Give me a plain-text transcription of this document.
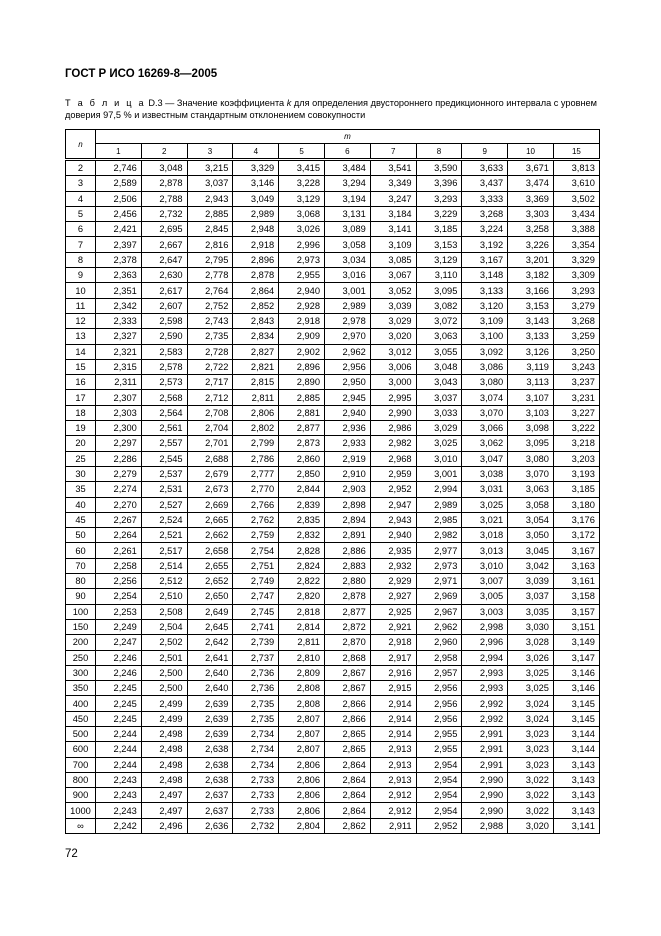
ГОСТ Р ИСО 16269-8—2005
Т а б л и ц а D.3 — Значение коэффициента k для определения двустороннего предикционного интервала с уровнем доверия 97,5 % и известным стандартным отклонением совокупности
n	m										
	1	2	3	4	5	6	7	8	9	10	15
2	2,746	3,048	3,215	3,329	3,415	3,484	3,541	3,590	3,633	3,671	3,813
3	2,589	2,878	3,037	3,146	3,228	3,294	3,349	3,396	3,437	3,474	3,610
4	2,506	2,788	2,943	3,049	3,129	3,194	3,247	3,293	3,333	3,369	3,502
5	2,456	2,732	2,885	2,989	3,068	3,131	3,184	3,229	3,268	3,303	3,434
6	2,421	2,695	2,845	2,948	3,026	3,089	3,141	3,185	3,224	3,258	3,388
7	2,397	2,667	2,816	2,918	2,996	3,058	3,109	3,153	3,192	3,226	3,354
8	2,378	2,647	2,795	2,896	2,973	3,034	3,085	3,129	3,167	3,201	3,329
9	2,363	2,630	2,778	2,878	2,955	3,016	3,067	3,110	3,148	3,182	3,309
10	2,351	2,617	2,764	2,864	2,940	3,001	3,052	3,095	3,133	3,166	3,293
11	2,342	2,607	2,752	2,852	2,928	2,989	3,039	3,082	3,120	3,153	3,279
12	2,333	2,598	2,743	2,843	2,918	2,978	3,029	3,072	3,109	3,143	3,268
13	2,327	2,590	2,735	2,834	2,909	2,970	3,020	3,063	3,100	3,133	3,259
14	2,321	2,583	2,728	2,827	2,902	2,962	3,012	3,055	3,092	3,126	3,250
15	2,315	2,578	2,722	2,821	2,896	2,956	3,006	3,048	3,086	3,119	3,243
16	2,311	2,573	2,717	2,815	2,890	2,950	3,000	3,043	3,080	3,113	3,237
17	2,307	2,568	2,712	2,811	2,885	2,945	2,995	3,037	3,074	3,107	3,231
18	2,303	2,564	2,708	2,806	2,881	2,940	2,990	3,033	3,070	3,103	3,227
19	2,300	2,561	2,704	2,802	2,877	2,936	2,986	3,029	3,066	3,098	3,222
20	2,297	2,557	2,701	2,799	2,873	2,933	2,982	3,025	3,062	3,095	3,218
25	2,286	2,545	2,688	2,786	2,860	2,919	2,968	3,010	3,047	3,080	3,203
30	2,279	2,537	2,679	2,777	2,850	2,910	2,959	3,001	3,038	3,070	3,193
35	2,274	2,531	2,673	2,770	2,844	2,903	2,952	2,994	3,031	3,063	3,185
40	2,270	2,527	2,669	2,766	2,839	2,898	2,947	2,989	3,025	3,058	3,180
45	2,267	2,524	2,665	2,762	2,835	2,894	2,943	2,985	3,021	3,054	3,176
50	2,264	2,521	2,662	2,759	2,832	2,891	2,940	2,982	3,018	3,050	3,172
60	2,261	2,517	2,658	2,754	2,828	2,886	2,935	2,977	3,013	3,045	3,167
70	2,258	2,514	2,655	2,751	2,824	2,883	2,932	2,973	3,010	3,042	3,163
80	2,256	2,512	2,652	2,749	2,822	2,880	2,929	2,971	3,007	3,039	3,161
90	2,254	2,510	2,650	2,747	2,820	2,878	2,927	2,969	3,005	3,037	3,158
100	2,253	2,508	2,649	2,745	2,818	2,877	2,925	2,967	3,003	3,035	3,157
150	2,249	2,504	2,645	2,741	2,814	2,872	2,921	2,962	2,998	3,030	3,151
200	2,247	2,502	2,642	2,739	2,811	2,870	2,918	2,960	2,996	3,028	3,149
250	2,246	2,501	2,641	2,737	2,810	2,868	2,917	2,958	2,994	3,026	3,147
300	2,246	2,500	2,640	2,736	2,809	2,867	2,916	2,957	2,993	3,025	3,146
350	2,245	2,500	2,640	2,736	2,808	2,867	2,915	2,956	2,993	3,025	3,146
400	2,245	2,499	2,639	2,735	2,808	2,866	2,914	2,956	2,992	3,024	3,145
450	2,245	2,499	2,639	2,735	2,807	2,866	2,914	2,956	2,992	3,024	3,145
500	2,244	2,498	2,639	2,734	2,807	2,865	2,914	2,955	2,991	3,023	3,144
600	2,244	2,498	2,638	2,734	2,807	2,865	2,913	2,955	2,991	3,023	3,144
700	2,244	2,498	2,638	2,734	2,806	2,864	2,913	2,954	2,991	3,023	3,143
800	2,243	2,498	2,638	2,733	2,806	2,864	2,913	2,954	2,990	3,022	3,143
900	2,243	2,497	2,637	2,733	2,806	2,864	2,912	2,954	2,990	3,022	3,143
1000	2,243	2,497	2,637	2,733	2,806	2,864	2,912	2,954	2,990	3,022	3,143
∞	2,242	2,496	2,636	2,732	2,804	2,862	2,911	2,952	2,988	3,020	3,141
72
